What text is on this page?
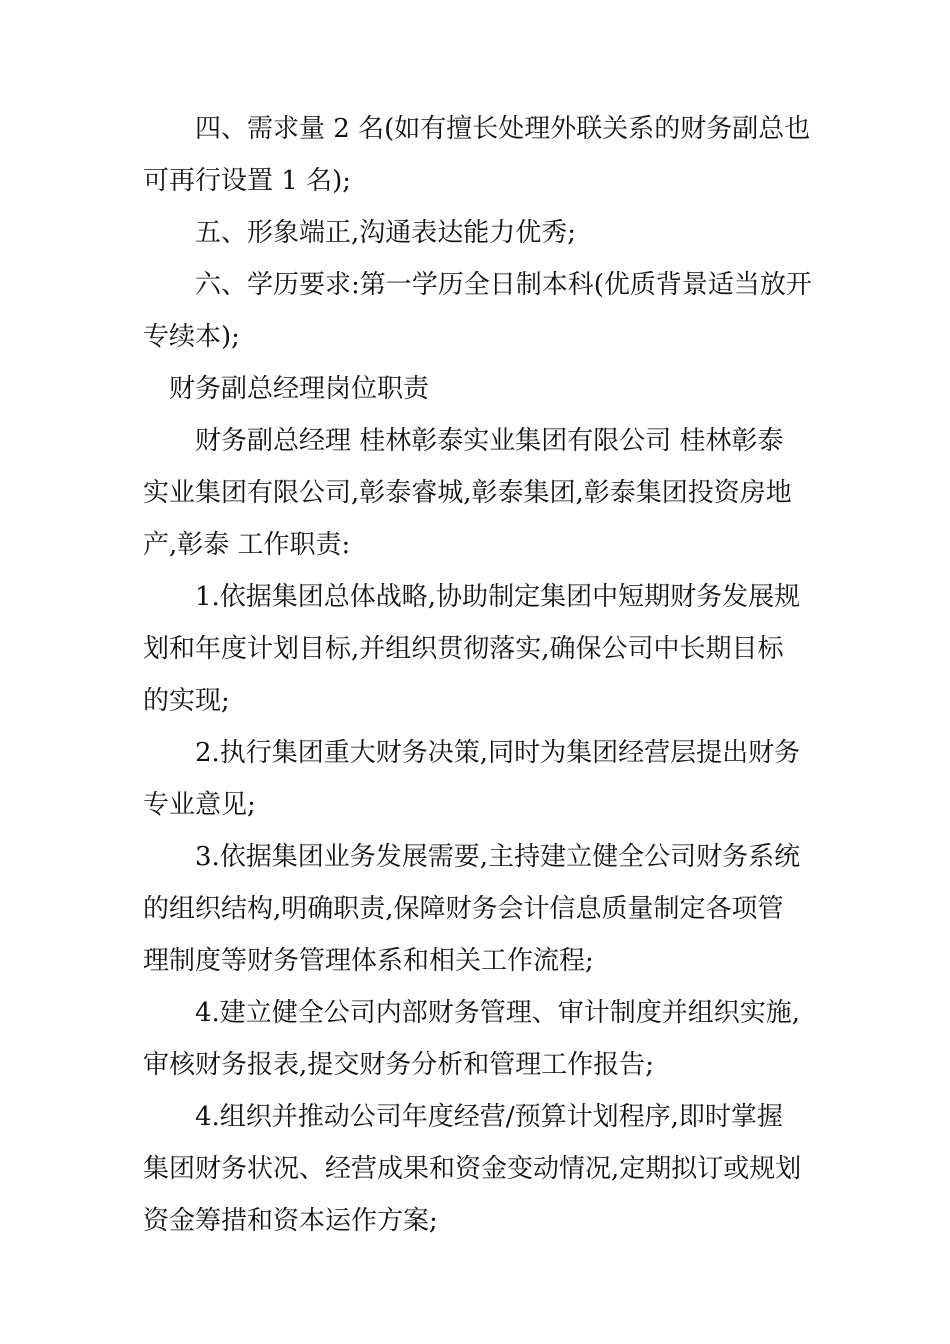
四、需求量 2 名(如有擅长处理外联关系的财务副总也
可再行设置 1 名);
五、形象端正,沟通表达能力优秀;
六、学历要求:第一学历全日制本科(优质背景适当放开
专续本);
财务副总经理岗位职责
财务副总经理 桂林彰泰实业集团有限公司 桂林彰泰
实业集团有限公司,彰泰睿城,彰泰集团,彰泰集团投资房地
产,彰泰 工作职责:
1.依据集团总体战略,协助制定集团中短期财务发展规
划和年度计划目标,并组织贯彻落实,确保公司中长期目标
的实现;
2.执行集团重大财务决策,同时为集团经营层提出财务
专业意见;
3.依据集团业务发展需要,主持建立健全公司财务系统
的组织结构,明确职责,保障财务会计信息质量制定各项管
理制度等财务管理体系和相关工作流程;
4.建立健全公司内部财务管理、审计制度并组织实施,
审核财务报表,提交财务分析和管理工作报告;
4.组织并推动公司年度经营/预算计划程序,即时掌握
集团财务状况、经营成果和资金变动情况,定期拟订或规划
资金筹措和资本运作方案;
